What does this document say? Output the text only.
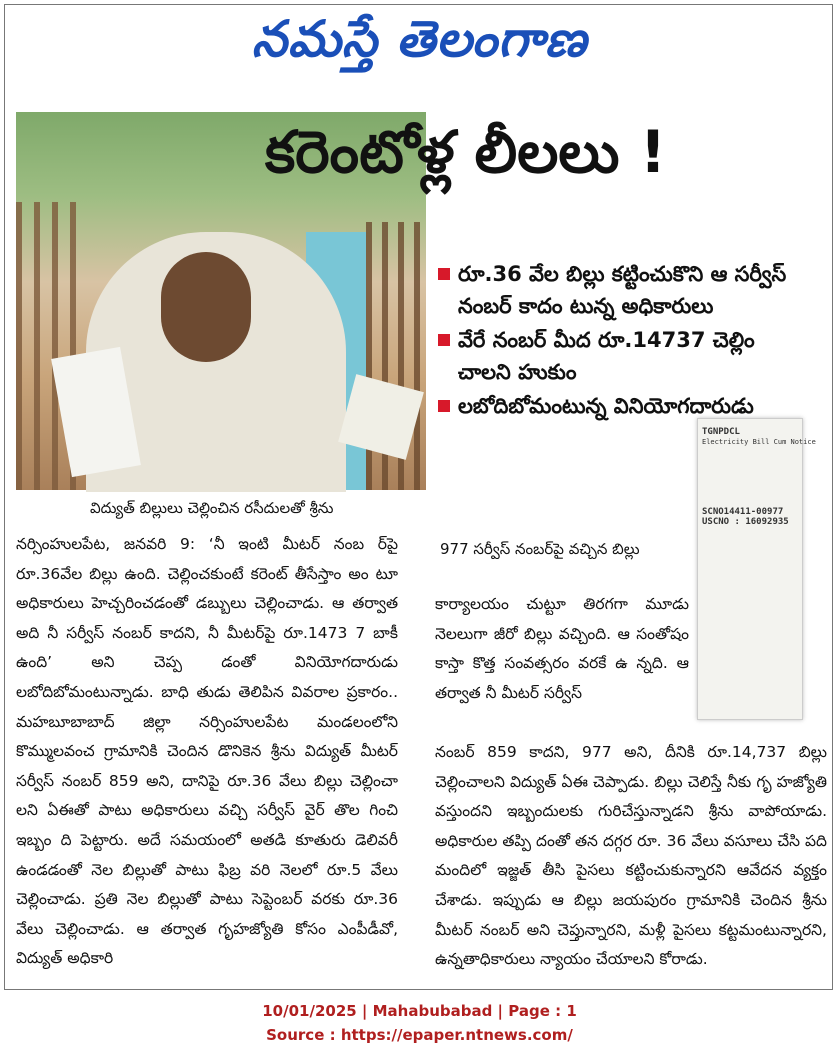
నమస్తే తెలంగాణ
కరెంటోళ్ల లీలలు !
రూ.36 వేల బిల్లు కట్టించుకొని ఆ సర్వీస్ నంబర్ కాదం టున్న అధికారులు
వేరే నంబర్ మీద రూ.14737 చెల్లిం చాలని హుకుం
లబోదిబోమంటున్న వినియోగదారుడు
TGNPDCL
Electricity Bill Cum Notice
SCNO14411-00977
USCNO : 16092935
విద్యుత్ బిల్లులు చెల్లించిన రసీదులతో శ్రీను
977 సర్వీస్ నంబర్‌పై వచ్చిన బిల్లు
నర్సింహులపేట, జనవరి 9: ‘నీ ఇంటి మీటర్ నంబ ర్‌పై రూ.36వేల బిల్లు ఉంది. చెల్లించకుంటే కరెంట్ తీసేస్తాం అం టూ అధికారులు హెచ్చరించడంతో డబ్బులు చెల్లించాడు. ఆ తర్వాత అది నీ సర్వీస్ నంబర్ కాదని, నీ మీటర్‌పై రూ.1473 7 బాకీ ఉంది’ అని చెప్ప డంతో వినియోగదారుడు లబోదిబోమంటున్నాడు. బాధి తుడు తెలిపిన వివరాల ప్రకారం.. మహబూబాబాద్ జిల్లా నర్సింహులపేట మండలంలోని కొమ్ములవంచ గ్రామానికి చెందిన డొనికెన శ్రీను విద్యుత్ మీటర్ సర్వీస్ నంబర్ 859 అని, దానిపై రూ.36 వేలు బిల్లు చెల్లించా లని ఏఈతో పాటు అధికారులు వచ్చి సర్వీస్ వైర్ తొల గించి ఇబ్బం ది పెట్టారు. అదే సమయంలో అతడి కూతురు డెలివరీ ఉండడంతో నెల బిల్లుతో పాటు ఫిబ్ర వరి నెలలో రూ.5 వేలు చెల్లించాడు. ప్రతి నెల బిల్లుతో పాటు సెప్టెంబర్ వరకు రూ.36 వేలు చెల్లించాడు. ఆ తర్వాత గృహజ్యోతి కోసం ఎంపీడీవో, విద్యుత్ అధికారి
కార్యాలయం చుట్టూ తిరగగా మూడు నెలలుగా జీరో బిల్లు వచ్చింది. ఆ సంతోషం కాస్తా కొత్త సంవత్సరం వరకే ఉ న్నది. ఆ తర్వాత నీ మీటర్ సర్వీస్
నంబర్ 859 కాదని, 977 అని, దీనికి రూ.14,737 బిల్లు చెల్లించాలని విద్యుత్ ఏఈ చెప్పాడు. బిల్లు చెలిస్తే నీకు గృ హజ్యోతి వస్తుందని ఇబ్బందులకు గురిచేస్తున్నాడని శ్రీను వాపోయాడు. అధికారుల తప్పి దంతో తన దగ్గర రూ. 36 వేలు వసూలు చేసి పది మందిలో ఇజ్జత్ తీసి పైసలు కట్టించుకున్నారని ఆవేదన వ్యక్తం చేశాడు. ఇప్పుడు ఆ బిల్లు జయపురం గ్రామానికి చెందిన శ్రీను మీటర్ నంబర్ అని చెప్తున్నారని, మళ్లీ పైసలు కట్టమంటున్నారని, ఉన్నతాధికారులు న్యాయం చేయాలని కోరాడు.
10/01/2025 | Mahabubabad | Page : 1
Source : https://epaper.ntnews.com/
